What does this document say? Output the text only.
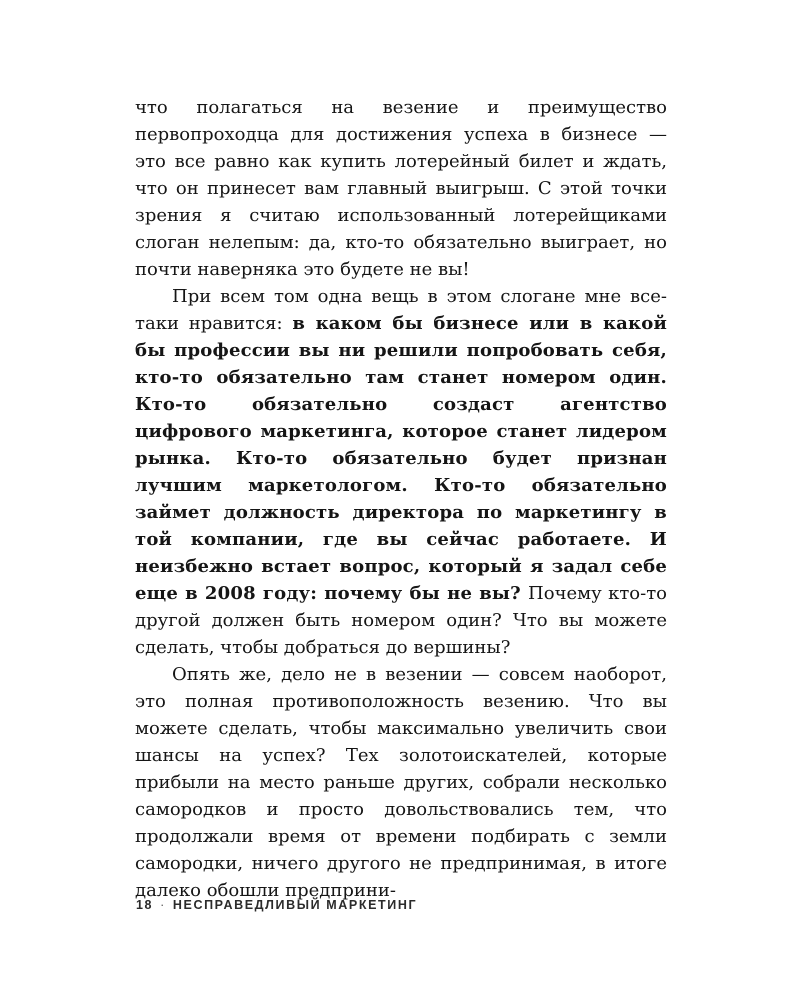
что полагаться на везение и преимущество первопроходца для достижения успеха в бизнесе — это все равно как купить лотерейный билет и ждать, что он принесет вам главный выигрыш. С этой точки зрения я считаю использованный лотерейщиками слоган нелепым: да, кто-то обязательно выиграет, но почти наверняка это будете не вы!

При всем том одна вещь в этом слогане мне все-таки нравится: в каком бы бизнесе или в какой бы профессии вы ни решили попробовать себя, кто-то обязательно там станет номером один. Кто-то обязательно создаст агентство цифрового маркетинга, которое станет лидером рынка. Кто-то обязательно будет признан лучшим маркетологом. Кто-то обязательно займет должность директора по маркетингу в той компании, где вы сейчас работаете. И неизбежно встает вопрос, который я задал себе еще в 2008 году: почему бы не вы? Почему кто-то другой должен быть номером один? Что вы можете сделать, чтобы добраться до вершины?

Опять же, дело не в везении — совсем наоборот, это полная противоположность везению. Что вы можете сделать, чтобы максимально увеличить свои шансы на успех? Тех золотоискателей, которые прибыли на место раньше других, собрали несколько самородков и просто довольствовались тем, что продолжали время от времени подбирать с земли самородки, ничего другого не предпринимая, в итоге далеко обошли предприни-

18 · НЕСПРАВЕДЛИВЫЙ МАРКЕТИНГ
